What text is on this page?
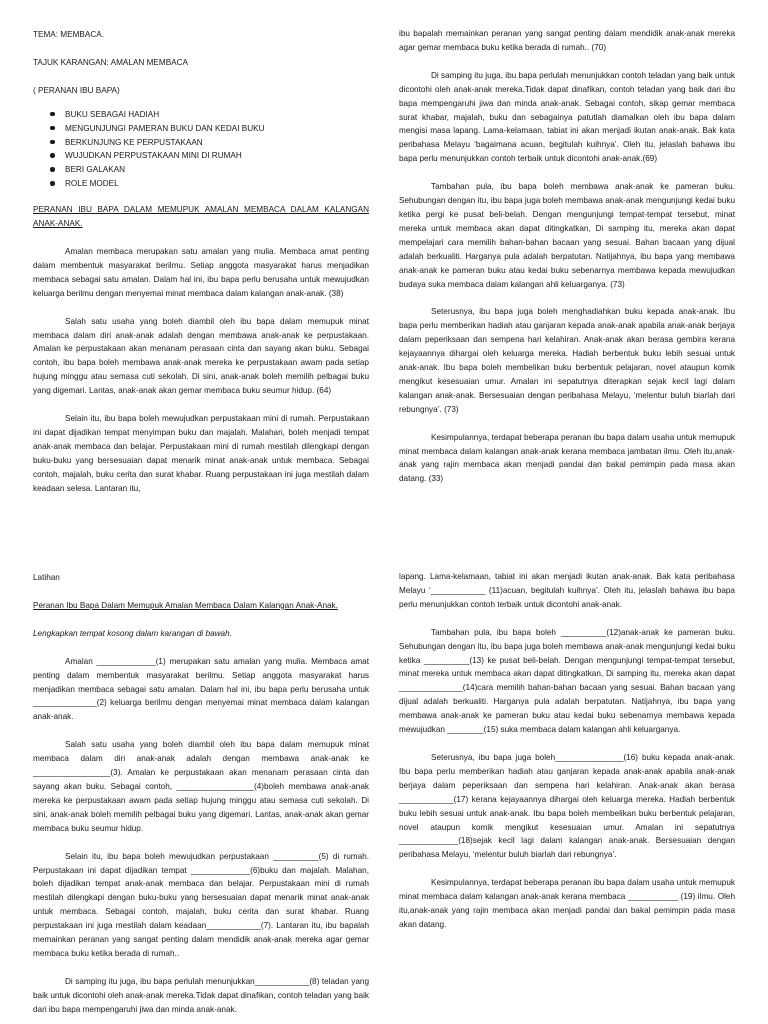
TEMA: MEMBACA.

TAJUK KARANGAN: AMALAN MEMBACA

( PERANAN IBU BAPA)

BUKU SEBAGAI HADIAH
MENGUNJUNGI PAMERAN BUKU DAN KEDAI BUKU
BERKUNJUNG KE PERPUSTAKAAN
WUJUDKAN PERPUSTAKAAN MINI DI RUMAH
BERI GALAKAN
ROLE MODEL

PERANAN IBU BAPA DALAM MEMUPUK AMALAN MEMBACA DALAM KALANGAN ANAK-ANAK.

Amalan membaca merupakan satu amalan yang mulia. Membaca amat penting dalam membentuk masyarakat berilmu. Setiap anggota masyarakat harus menjadikan membaca sebagai satu amalan. Dalam hal ini, ibu bapa perlu berusaha untuk mewujudkan keluarga berilmu dengan menyemai minat membaca dalam kalangan anak-anak. (38)

Salah satu usaha yang boleh diambil oleh ibu bapa dalam memupuk minat membaca dalam diri anak-anak adalah dengan membawa anak-anak ke perpustakaan. Amalan ke perpustakaan akan menanam perasaan cinta dan sayang akan buku. Sebagai contoh, ibu bapa boleh membawa anak-anak mereka ke perpustakaan awam pada setiap hujung minggu atau semasa cuti sekolah. Di sini, anak-anak boleh memilih pelbagai buku yang digemari. Lantas, anak-anak akan gemar membaca buku seumur hidup. (64)

Selain itu, ibu bapa boleh mewujudkan perpustakaan mini di rumah. Perpustakaan ini dapat dijadikan tempat menyimpan buku dan majalah. Malahan, boleh menjadi tempat anak-anak membaca dan belajar. Perpustakaan mini di rumah mestilah dilengkapi dengan buku-buku yang bersesuaian dapat menarik minat anak-anak untuk membaca. Sebagai contoh, majalah, buku cerita dan surat khabar. Ruang perpustakaan ini juga mestilah dalam keadaan selesa. Lantaran itu,

ibu bapalah memainkan peranan yang sangat penting dalam mendidik anak-anak mereka agar gemar membaca buku ketika berada di rumah.. (70)

Di samping itu juga, ibu bapa perlulah menunjukkan contoh teladan yang baik untuk dicontohi oleh anak-anak mereka.Tidak dapat dinafikan, contoh teladan yang baik dari ibu bapa mempengaruhi jiwa dan minda anak-anak. Sebagai contoh, sikap gemar membaca surat khabar, majalah, buku dan sebagainya patutlah diamalkan oleh ibu bapa dalam mengisi masa lapang. Lama-kelamaan, tabiat ini akan menjadi ikutan anak-anak. Bak kata peribahasa Melayu ‘bagaimana acuan, begitulah kuihnya’. Oleh itu, jelaslah bahawa ibu bapa perlu menunjukkan contoh terbaik untuk dicontohi anak-anak.(69)

Tambahan pula, ibu bapa boleh membawa anak-anak ke pameran buku. Sehubungan dengan itu, ibu bapa juga boleh membawa anak-anak mengunjungi kedai buku ketika pergi ke pusat beli-belah. Dengan mengunjungi tempat-tempat tersebut, minat mereka untuk membaca akan dapat ditingkatkan, Di samping itu, mereka akan dapat mempelajari cara memilih bahan-bahan bacaan yang sesuai. Bahan bacaan yang dijual adalah berkualiti. Harganya pula adalah berpatutan. Natijahnya, ibu bapa yang membawa anak-anak ke pameran buku atau kedai buku sebenarnya membawa kepada mewujudkan budaya suka membaca dalam kalangan ahli keluarganya. (73)

Seterusnya, ibu bapa juga boleh menghadiahkan buku kepada anak-anak. Ibu bapa perlu memberikan hadiah atau ganjaran kepada anak-anak apabila anak-anak berjaya dalam peperiksaan dan sempena hari kelahiran. Anak-anak akan berasa gembira kerana kejayaannya dihargai oleh keluarga mereka. Hadiah berbentuk buku lebih sesuai untuk anak-anak. Ibu bapa boleh membelikan buku berbentuk pelajaran, novel ataupun komik mengikut kesesuaian umur. Amalan ini sepatutnya diterapkan sejak kecil lagi dalam kalangan anak-anak. Bersesuaian dengan peribahasa Melayu, ‘melentur buluh biarlah dari rebungnya’. (73)

Kesimpulannya, terdapat beberapa peranan ibu bapa dalam usaha untuk memupuk minat membaca dalam kalangan anak-anak kerana membaca jambatan ilmu. Oleh itu,anak-anak yang rajin membaca akan menjadi pandai dan bakal pemimpin pada masa akan datang. (33)

Latihan

Peranan Ibu Bapa Dalam Memupuk Amalan Membaca Dalam Kalangan Anak-Anak.

Lengkapkan tempat kosong dalam karangan di bawah.

Amalan _____________(1) merupakan satu amalan yang mulia. Membaca amat penting dalam membentuk masyarakat berilmu. Setiap anggota masyarakat harus menjadikan membaca sebagai satu amalan. Dalam hal ini, ibu bapa perlu berusaha untuk ______________(2) keluarga berilmu dengan menyemai minat membaca dalam kalangan anak-anak.

Salah satu usaha yang boleh diambil oleh ibu bapa dalam memupuk minat membaca dalam diri anak-anak adalah dengan membawa anak-anak ke _________________(3). Amalan ke perpustakaan akan menanam perasaan cinta dan sayang akan buku. Sebagai contoh, _________________(4)boleh membawa anak-anak mereka ke perpustakaan awam pada setiap hujung minggu atau semasa cuti sekolah. Di sini, anak-anak boleh memilih pelbagai buku yang digemari. Lantas, anak-anak akan gemar membaca buku seumur hidup.

Selain itu, ibu bapa boleh mewujudkan perpustakaan __________(5) di rumah. Perpustakaan ini dapat dijadikan tempat _____________(6)buku dan majalah. Malahan, boleh dijadikan tempat anak-anak membaca dan belajar. Perpustakaan mini di rumah mestilah dilengkapi dengan buku-buku yang bersesuaian dapat menarik minat anak-anak untuk membaca. Sebagai contoh, majalah, buku cerita dan surat khabar. Ruang perpustakaan ini juga mestilah dalam keadaan____________(7). Lantaran itu, ibu bapalah memainkan peranan yang sangat penting dalam mendidik anak-anak mereka agar gemar membaca buku ketika berada di rumah..

Di samping itu juga, ibu bapa perlulah menunjukkan____________(8) teladan yang baik untuk dicontohi oleh anak-anak mereka.Tidak dapat dinafikan, contoh teladan yang baik dari ibu bapa mempengaruhi jiwa dan minda anak-anak.

lapang. Lama-kelamaan, tabiat ini akan menjadi ikutan anak-anak. Bak kata peribahasa Melayu ‘____________ (11)acuan, begitulah kuihnya’. Oleh itu, jelaslah bahawa ibu bapa perlu menunjukkan contoh terbaik untuk dicontohi anak-anak.

Tambahan pula, ibu bapa boleh __________(12)anak-anak ke pameran buku. Sehubungan dengan itu, ibu bapa juga boleh membawa anak-anak mengunjungi kedai buku ketika __________(13) ke pusat beli-belah. Dengan mengunjungi tempat-tempat tersebut, minat mereka untuk membaca akan dapat ditingkatkan, Di samping itu, mereka akan dapat ______________(14)cara memilih bahan-bahan bacaan yang sesuai. Bahan bacaan yang dijual adalah berkualiti. Harganya pula adalah berpatutan. Natijahnya, ibu bapa yang membawa anak-anak ke pameran buku atau kedai buku sebenarnya membawa kepada mewujudkan ________(15) suka membaca dalam kalangan ahli keluarganya.

Seterusnya, ibu bapa juga boleh_______________(16) buku kepada anak-anak. Ibu bapa perlu memberikan hadiah atau ganjaran kepada anak-anak apabila anak-anak berjaya dalam peperiksaan dan sempena hari kelahiran. Anak-anak akan berasa ____________(17) kerana kejayaannya dihargai oleh keluarga mereka. Hadiah berbentuk buku lebih sesuai untuk anak-anak. Ibu bapa boleh membelikan buku berbentuk pelajaran, novel ataupun komik mengikut kesesuaian umur. Amalan ini sepatutnya _____________(18)sejak kecil lagi dalam kalangan anak-anak. Bersesuaian dengan peribahasa Melayu, ‘melentur buluh biarlah dari rebungnya’.

Kesimpulannya, terdapat beberapa peranan ibu bapa dalam usaha untuk memupuk minat membaca dalam kalangan anak-anak kerana membaca ___________ (19) ilmu. Oleh itu,anak-anak yang rajin membaca akan menjadi pandai dan bakal pemimpin pada masa akan datang.
